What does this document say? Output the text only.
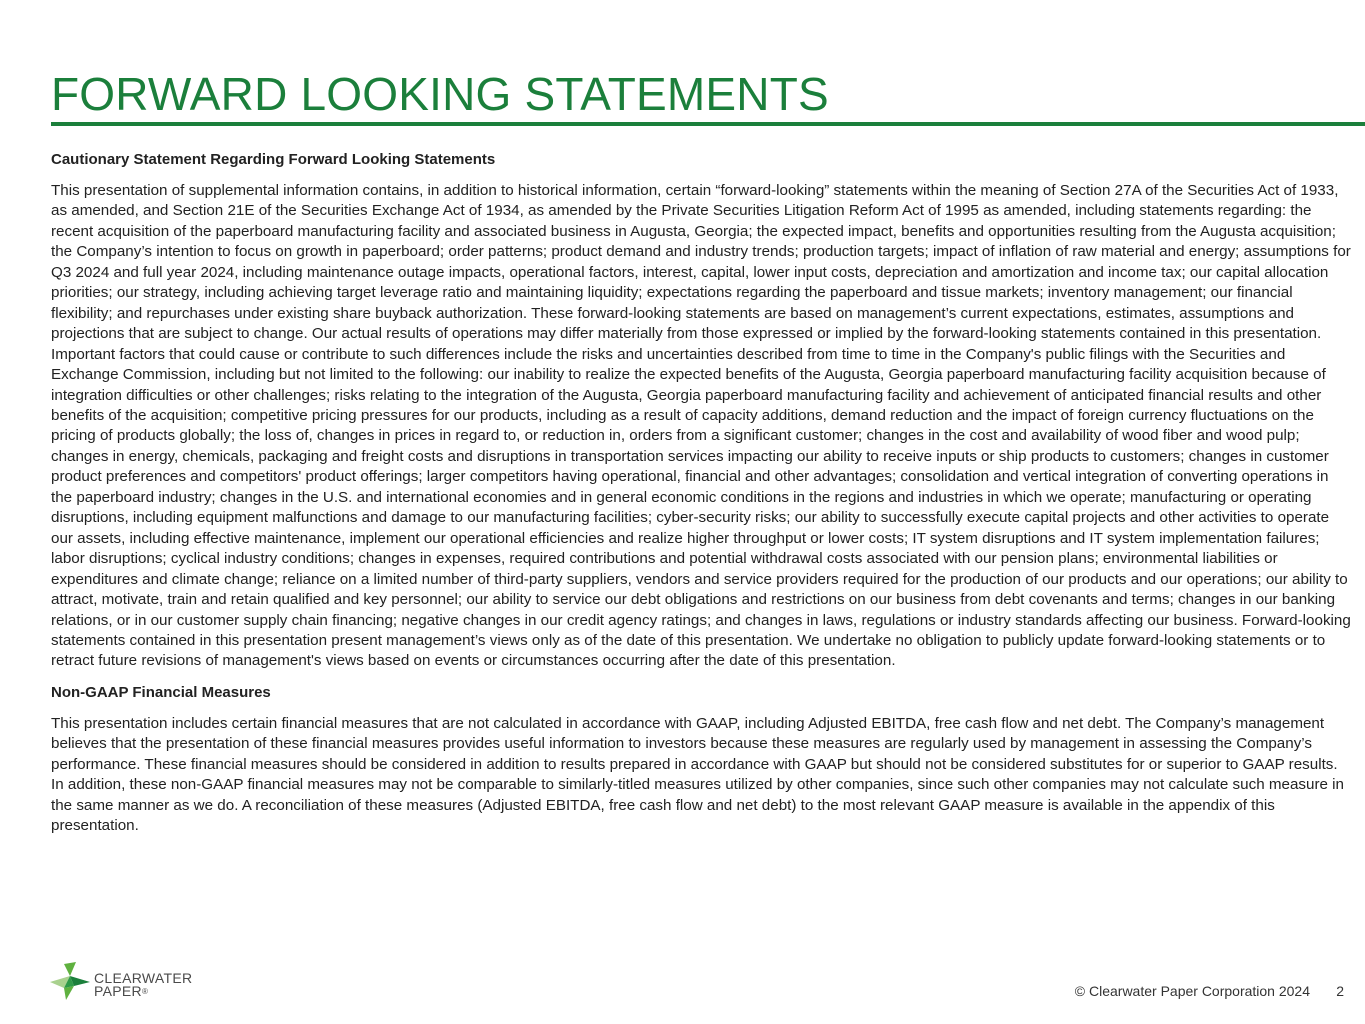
FORWARD LOOKING STATEMENTS
Cautionary Statement Regarding Forward Looking Statements

This presentation of supplemental information contains, in addition to historical information, certain “forward-looking” statements within the meaning of Section 27A of the Securities Act of 1933, as amended, and Section 21E of the Securities Exchange Act of 1934, as amended by the Private Securities Litigation Reform Act of 1995 as amended, including statements regarding: the recent acquisition of the paperboard manufacturing facility and associated business in Augusta, Georgia; the expected impact, benefits and opportunities resulting from the Augusta acquisition; the Company’s intention to focus on growth in paperboard; order patterns; product demand and industry trends; production targets; impact of inflation of raw material and energy; assumptions for Q3 2024 and full year 2024, including maintenance outage impacts, operational factors, interest, capital, lower input costs, depreciation and amortization and income tax; our capital allocation priorities; our strategy, including achieving target leverage ratio and maintaining liquidity; expectations regarding the paperboard and tissue markets; inventory management; our financial flexibility; and repurchases under existing share buyback authorization. These forward-looking statements are based on management’s current expectations, estimates, assumptions and projections that are subject to change. Our actual results of operations may differ materially from those expressed or implied by the forward-looking statements contained in this presentation. Important factors that could cause or contribute to such differences include the risks and uncertainties described from time to time in the Company's public filings with the Securities and Exchange Commission, including but not limited to the following: our inability to realize the expected benefits of the Augusta, Georgia paperboard manufacturing facility acquisition because of integration difficulties or other challenges; risks relating to the integration of the Augusta, Georgia paperboard manufacturing facility and achievement of anticipated financial results and other benefits of the acquisition; competitive pricing pressures for our products, including as a result of capacity additions, demand reduction and the impact of foreign currency fluctuations on the pricing of products globally; the loss of, changes in prices in regard to, or reduction in, orders from a significant customer; changes in the cost and availability of wood fiber and wood pulp; changes in energy, chemicals, packaging and freight costs and disruptions in transportation services impacting our ability to receive inputs or ship products to customers; changes in customer product preferences and competitors' product offerings; larger competitors having operational, financial and other advantages; consolidation and vertical integration of converting operations in the paperboard industry; changes in the U.S. and international economies and in general economic conditions in the regions and industries in which we operate; manufacturing or operating disruptions, including equipment malfunctions and damage to our manufacturing facilities; cyber-security risks; our ability to successfully execute capital projects and other activities to operate our assets, including effective maintenance, implement our operational efficiencies and realize higher throughput or lower costs; IT system disruptions and IT system implementation failures; labor disruptions; cyclical industry conditions; changes in expenses, required contributions and potential withdrawal costs associated with our pension plans; environmental liabilities or expenditures and climate change; reliance on a limited number of third-party suppliers, vendors and service providers required for the production of our products and our operations; our ability to attract, motivate, train and retain qualified and key personnel; our ability to service our debt obligations and restrictions on our business from debt covenants and terms; changes in our banking relations, or in our customer supply chain financing; negative changes in our credit agency ratings; and changes in laws, regulations or industry standards affecting our business. Forward-looking statements contained in this presentation present management’s views only as of the date of this presentation. We undertake no obligation to publicly update forward-looking statements or to retract future revisions of management's views based on events or circumstances occurring after the date of this presentation.

Non-GAAP Financial Measures

This presentation includes certain financial measures that are not calculated in accordance with GAAP, including Adjusted EBITDA, free cash flow and net debt. The Company’s management believes that the presentation of these financial measures provides useful information to investors because these measures are regularly used by management in assessing the Company’s performance. These financial measures should be considered in addition to results prepared in accordance with GAAP but should not be considered substitutes for or superior to GAAP results. In addition, these non-GAAP financial measures may not be comparable to similarly-titled measures utilized by other companies, since such other companies may not calculate such measure in the same manner as we do. A reconciliation of these measures (Adjusted EBITDA, free cash flow and net debt) to the most relevant GAAP measure is available in the appendix of this presentation.

CLEARWATER
PAPER®	© Clearwater Paper Corporation 2024 2
